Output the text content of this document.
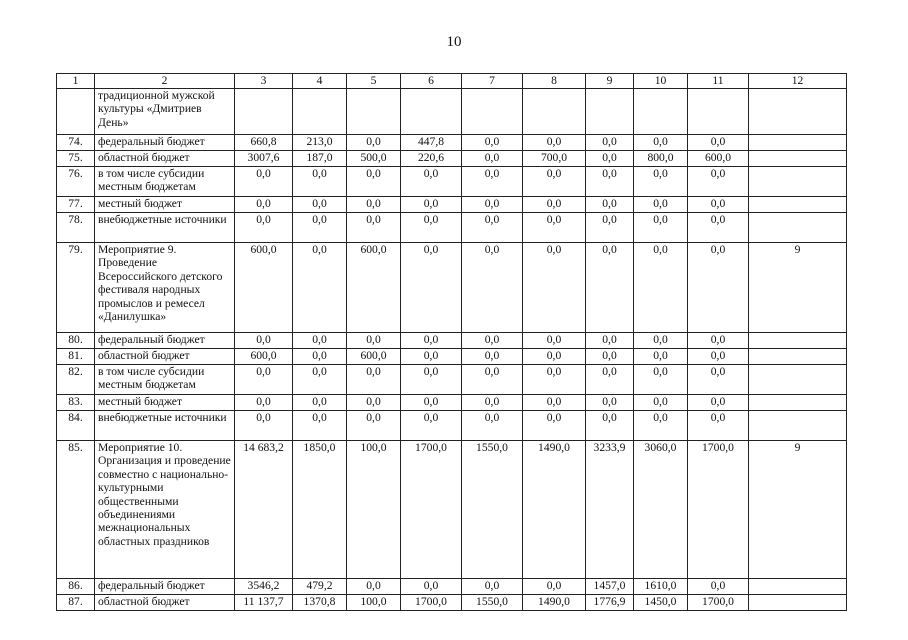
10
1	2	3	4	5	6	7	8	9	10	11	12
	традиционной мужской культуры «Дмитриев День»										
74.	федеральный бюджет	660,8	213,0	0,0	447,8	0,0	0,0	0,0	0,0	0,0	
75.	областной бюджет	3007,6	187,0	500,0	220,6	0,0	700,0	0,0	800,0	600,0	
76.	в том числе субсидии местным бюджетам	0,0	0,0	0,0	0,0	0,0	0,0	0,0	0,0	0,0	
77.	местный бюджет	0,0	0,0	0,0	0,0	0,0	0,0	0,0	0,0	0,0	
78.	внебюджетные источники	0,0	0,0	0,0	0,0	0,0	0,0	0,0	0,0	0,0	
79.	Мероприятие 9. Проведение Всероссийского детского фестиваля народных промыслов и ремесел «Данилушка»	600,0	0,0	600,0	0,0	0,0	0,0	0,0	0,0	0,0	9
80.	федеральный бюджет	0,0	0,0	0,0	0,0	0,0	0,0	0,0	0,0	0,0	
81.	областной бюджет	600,0	0,0	600,0	0,0	0,0	0,0	0,0	0,0	0,0	
82.	в том числе субсидии местным бюджетам	0,0	0,0	0,0	0,0	0,0	0,0	0,0	0,0	0,0	
83.	местный бюджет	0,0	0,0	0,0	0,0	0,0	0,0	0,0	0,0	0,0	
84.	внебюджетные источники	0,0	0,0	0,0	0,0	0,0	0,0	0,0	0,0	0,0	
85.	Мероприятие 10. Организация и проведение совместно с национально-культурными общественными объединениями межнациональных областных праздников	14 683,2	1850,0	100,0	1700,0	1550,0	1490,0	3233,9	3060,0	1700,0	9
86.	федеральный бюджет	3546,2	479,2	0,0	0,0	0,0	0,0	1457,0	1610,0	0,0	
87.	областной бюджет	11 137,7	1370,8	100,0	1700,0	1550,0	1490,0	1776,9	1450,0	1700,0	
